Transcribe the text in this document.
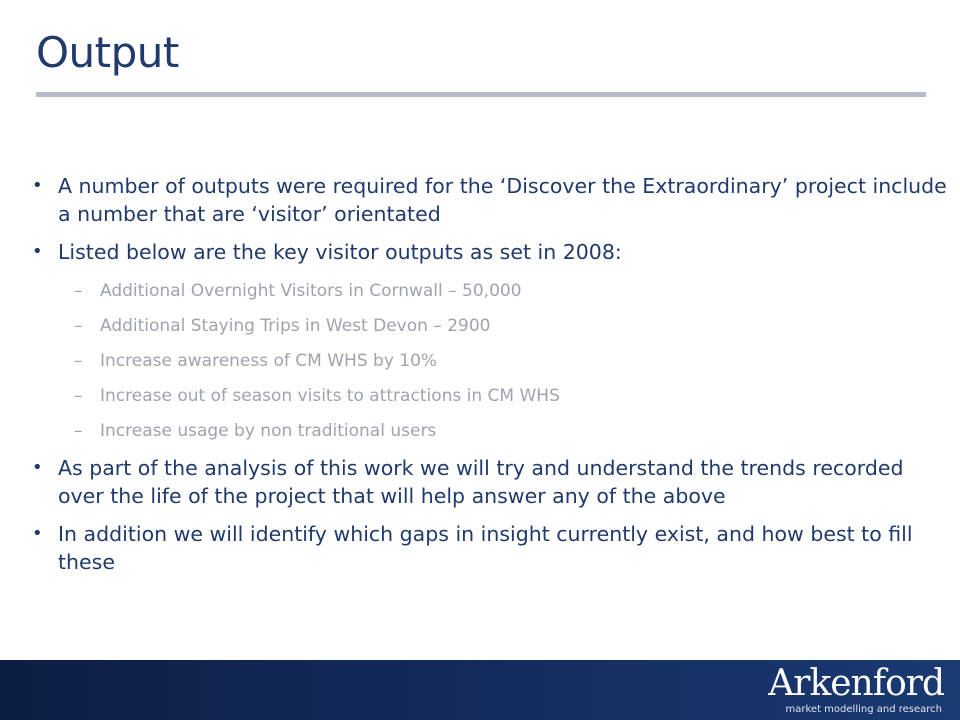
Output
• A number of outputs were required for the ‘Discover the Extraordinary’ project include a number that are ‘visitor’ orientated
• Listed below are the key visitor outputs as set in 2008:
– Additional Overnight Visitors in Cornwall – 50,000
– Additional Staying Trips in West Devon – 2900
– Increase awareness of CM WHS by 10%
– Increase out of season visits to attractions in CM WHS
– Increase usage by non traditional users
• As part of the analysis of this work we will try and understand the trends recorded over the life of the project that will help answer any of the above
• In addition we will identify which gaps in insight currently exist, and how best to fill these
Arkenford
market modelling and research
